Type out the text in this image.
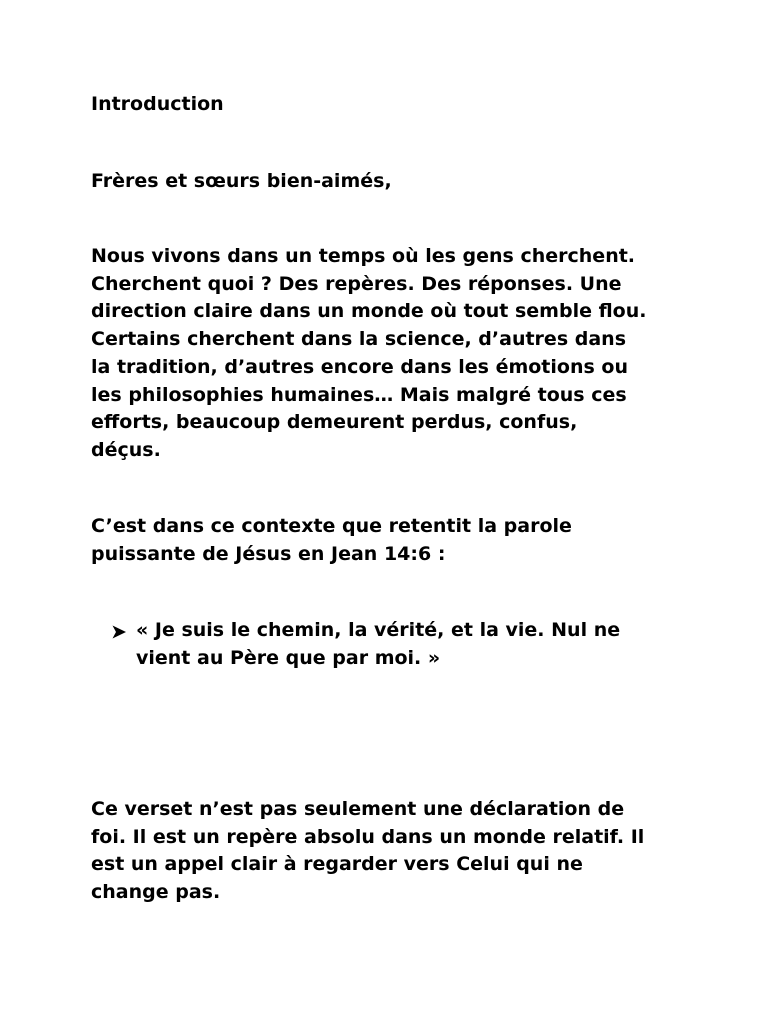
Introduction

Frères et sœurs bien-aimés,

Nous vivons dans un temps où les gens cherchent.
Cherchent quoi ? Des repères. Des réponses. Une
direction claire dans un monde où tout semble flou.
Certains cherchent dans la science, d’autres dans
la tradition, d’autres encore dans les émotions ou
les philosophies humaines… Mais malgré tous ces
efforts, beaucoup demeurent perdus, confus,
déçus.

C’est dans ce contexte que retentit la parole
puissante de Jésus en Jean 14:6 :

« Je suis le chemin, la vérité, et la vie. Nul ne
vient au Père que par moi. »

Ce verset n’est pas seulement une déclaration de
foi. Il est un repère absolu dans un monde relatif. Il
est un appel clair à regarder vers Celui qui ne
change pas.
